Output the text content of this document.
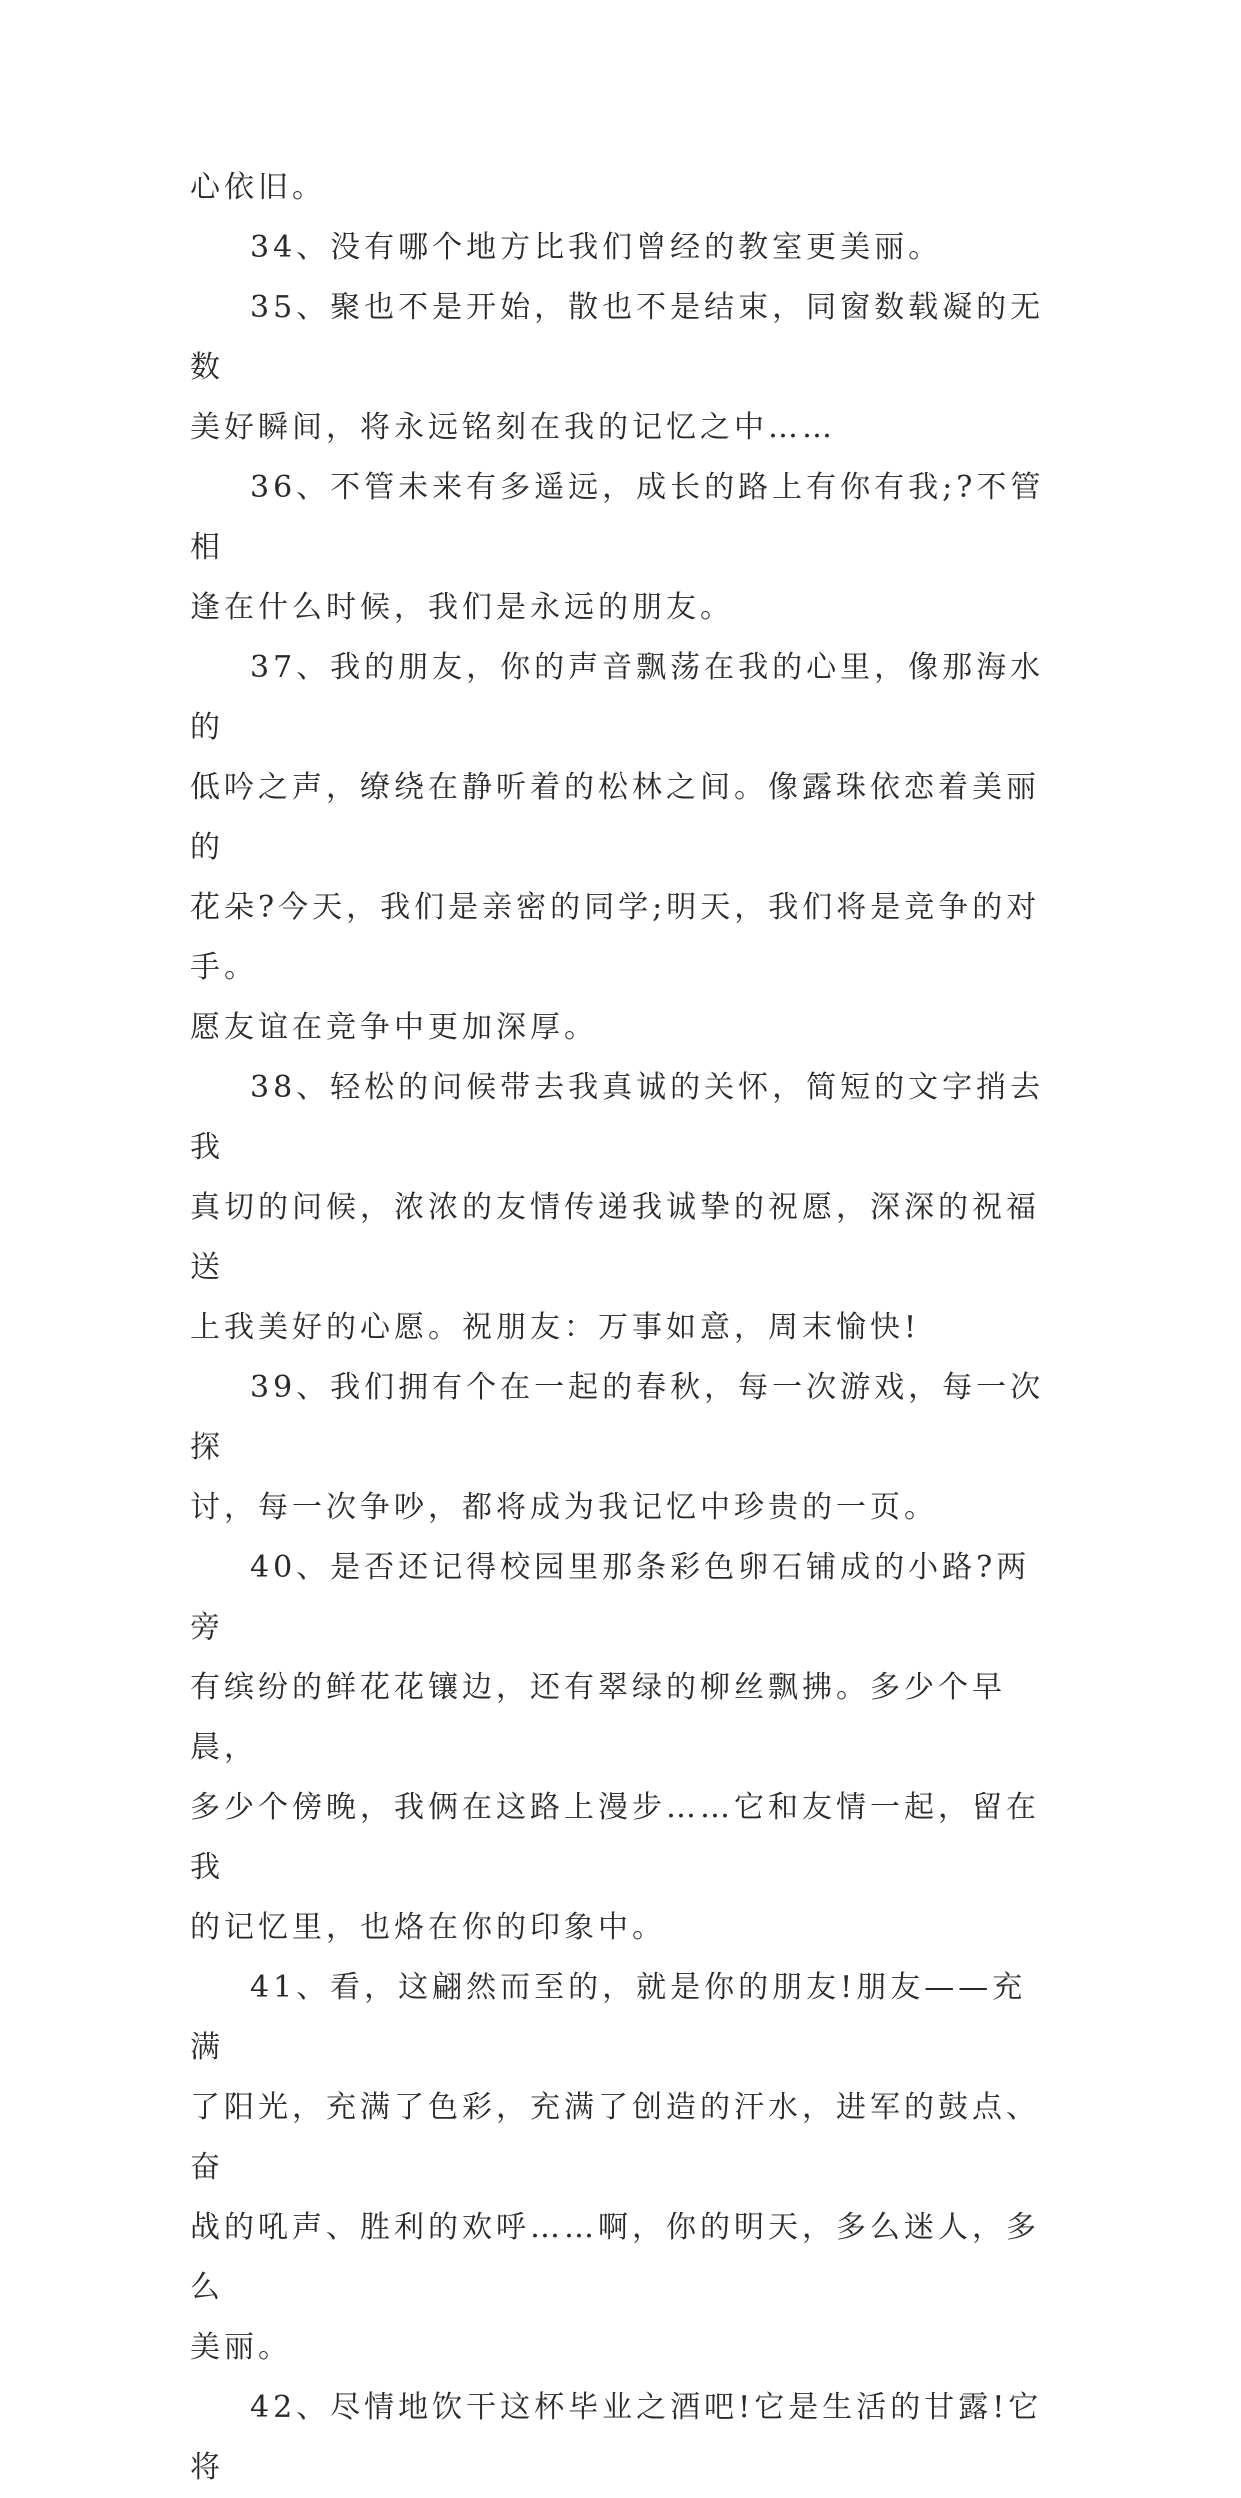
心依旧。

34、没有哪个地方比我们曾经的教室更美丽。

35、聚也不是开始，散也不是结束，同窗数载凝的无数
美好瞬间，将永远铭刻在我的记忆之中……

36、不管未来有多遥远，成长的路上有你有我;?不管相
逢在什么时候，我们是永远的朋友。

37、我的朋友，你的声音飘荡在我的心里，像那海水的
低吟之声，缭绕在静听着的松林之间。像露珠依恋着美丽的
花朵?今天，我们是亲密的同学;明天，我们将是竞争的对手。
愿友谊在竞争中更加深厚。

38、轻松的问候带去我真诚的关怀，简短的文字捎去我
真切的问候，浓浓的友情传递我诚挚的祝愿，深深的祝福送
上我美好的心愿。祝朋友：万事如意，周末愉快!

39、我们拥有个在一起的春秋，每一次游戏，每一次探
讨，每一次争吵，都将成为我记忆中珍贵的一页。

40、是否还记得校园里那条彩色卵石铺成的小路?两旁
有缤纷的鲜花花镶边，还有翠绿的柳丝飘拂。多少个早晨，
多少个傍晚，我俩在这路上漫步……它和友情一起，留在我
的记忆里，也烙在你的印象中。

41、看，这翩然而至的，就是你的朋友!朋友——充满
了阳光，充满了色彩，充满了创造的汗水，进军的鼓点、奋
战的吼声、胜利的欢呼……啊，你的明天，多么迷人，多么
美丽。

42、尽情地饮干这杯毕业之酒吧!它是生活的甘露!它将
